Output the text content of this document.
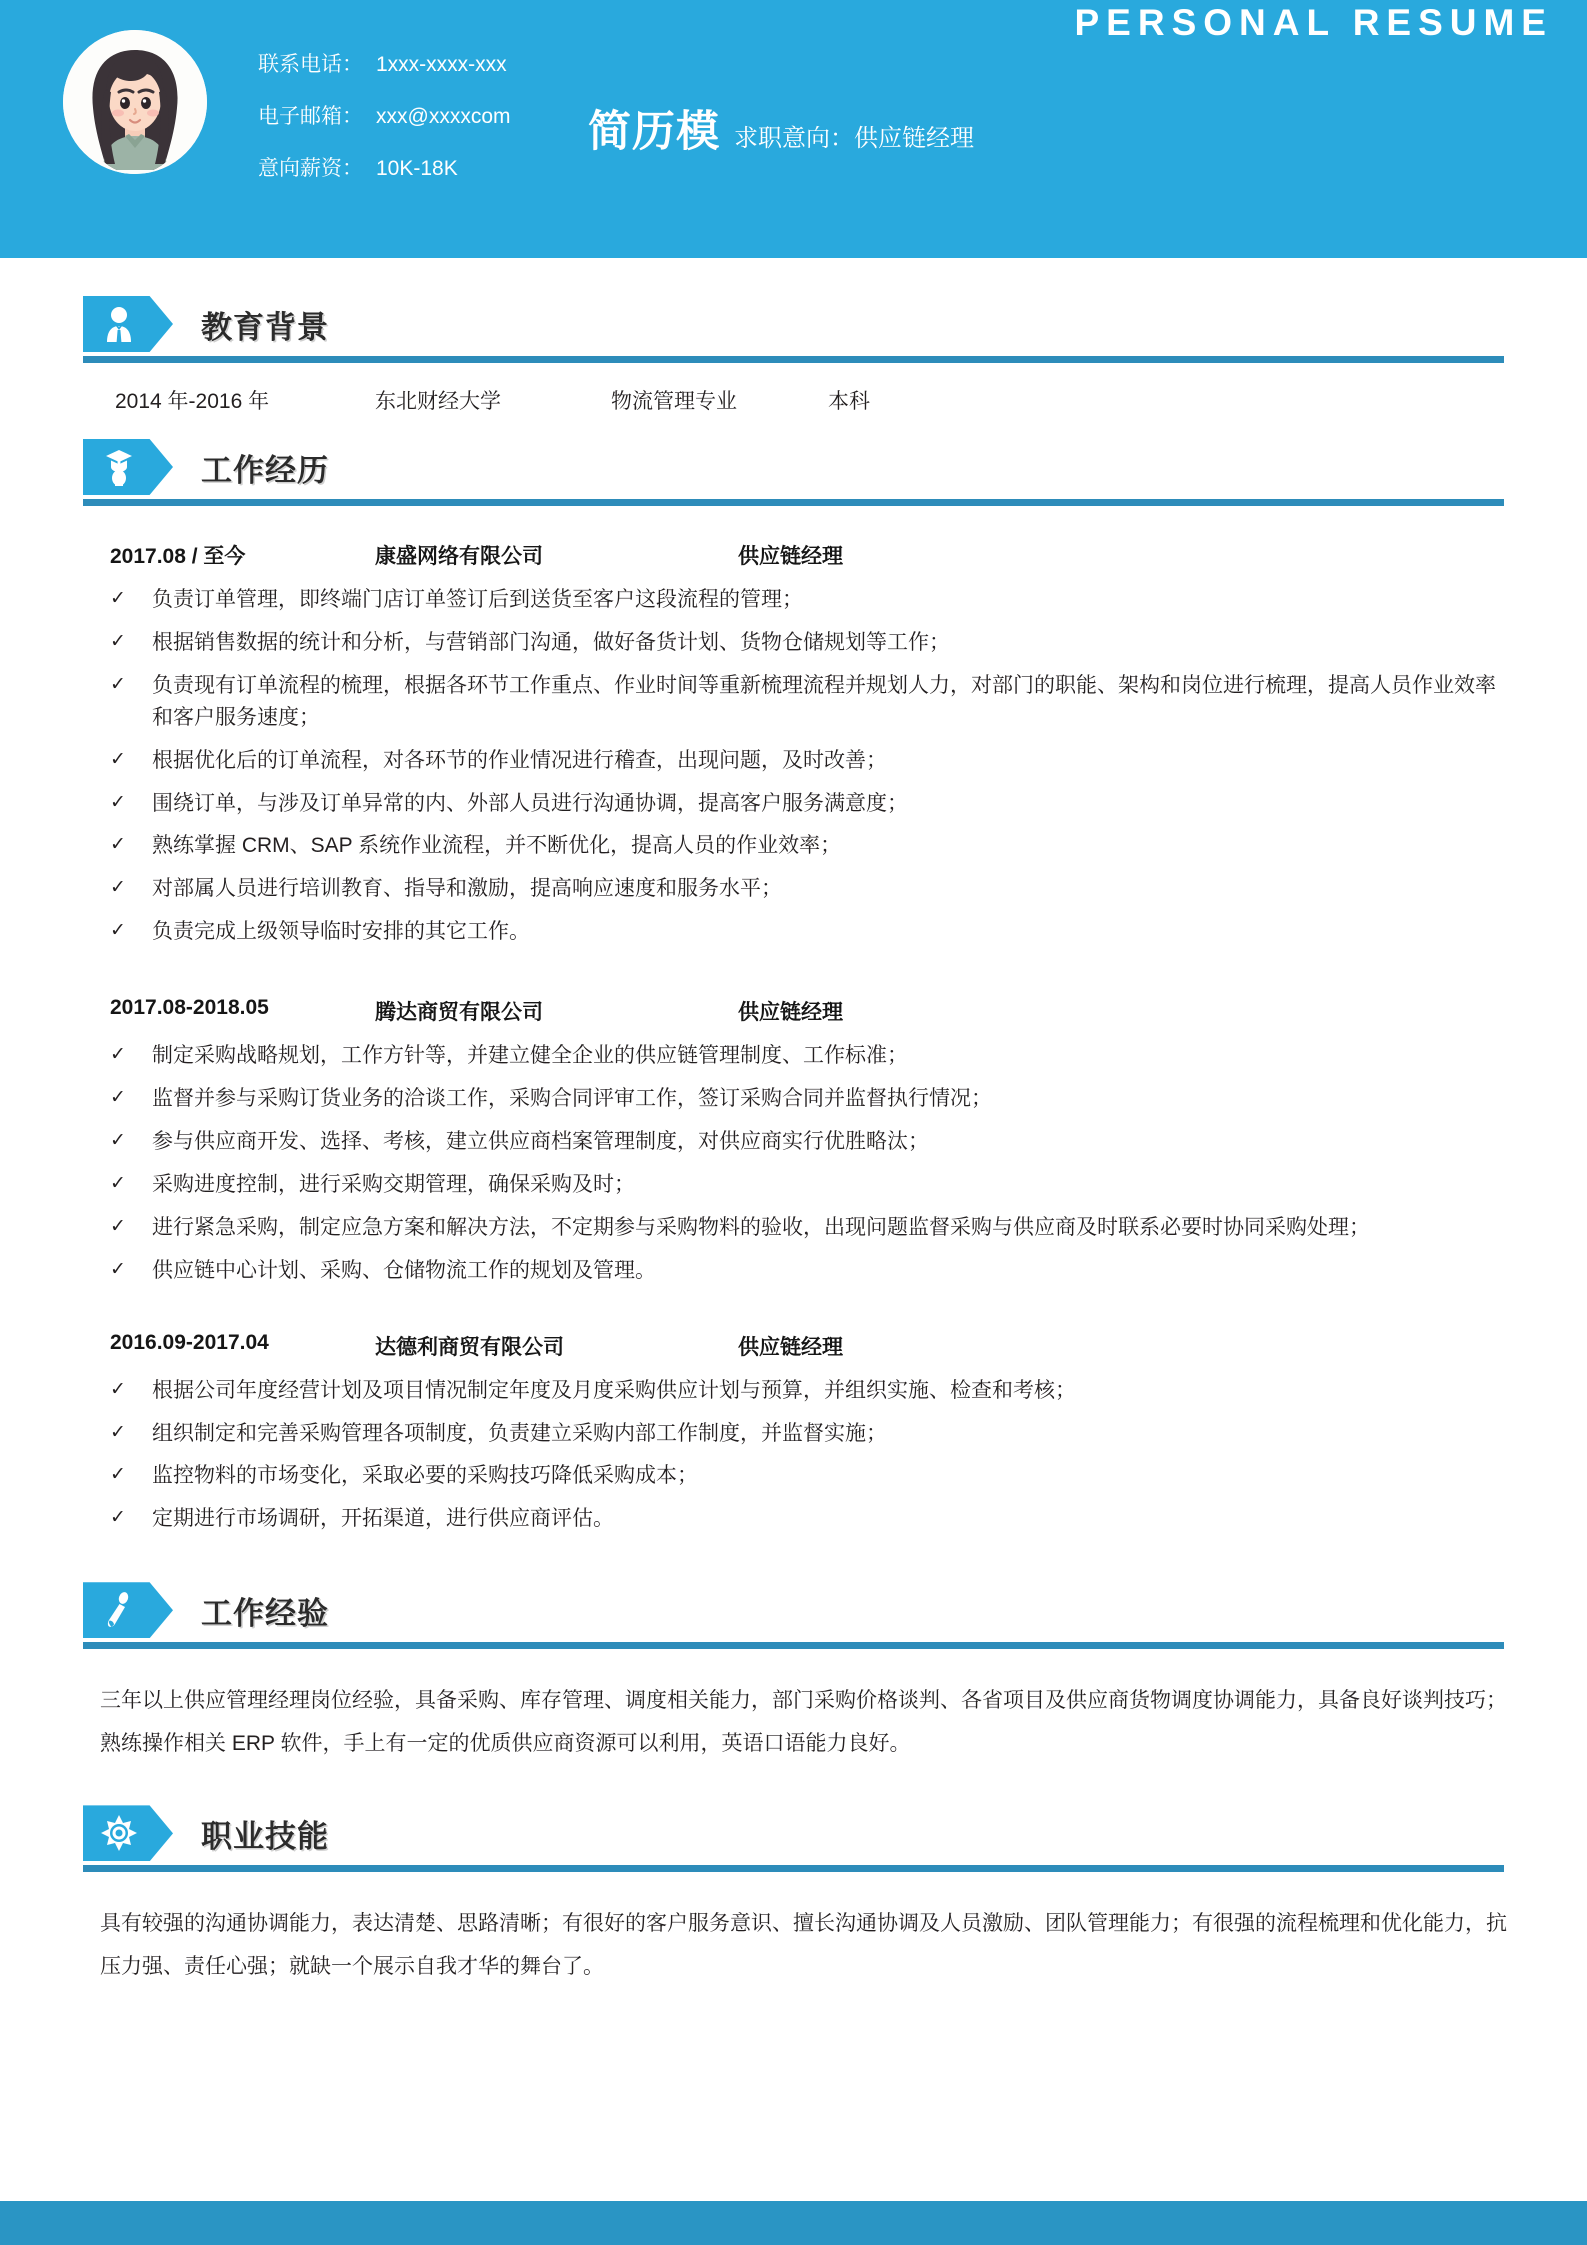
PERSONAL RESUME
联系电话： 1xxx-xxxx-xxx
电子邮箱： xxx@xxxxcom
意向薪资： 10K-18K
简历模 求职意向：供应链经理
教育背景
2014 年-2016 年	东北财经大学	物流管理专业	本科
工作经历
2017.08 / 至今	康盛网络有限公司	供应链经理
✓	负责订单管理，即终端门店订单签订后到送货至客户这段流程的管理；
✓	根据销售数据的统计和分析，与营销部门沟通，做好备货计划、货物仓储规划等工作；
✓	负责现有订单流程的梳理，根据各环节工作重点、作业时间等重新梳理流程并规划人力，对部门的职能、架构和岗位进行梳理，提高人员作业效率和客户服务速度；
✓	根据优化后的订单流程，对各环节的作业情况进行稽查，出现问题，及时改善；
✓	围绕订单，与涉及订单异常的内、外部人员进行沟通协调，提高客户服务满意度；
✓	熟练掌握 CRM、SAP 系统作业流程，并不断优化，提高人员的作业效率；
✓	对部属人员进行培训教育、指导和激励，提高响应速度和服务水平；
✓	负责完成上级领导临时安排的其它工作。
2017.08-2018.05	腾达商贸有限公司	供应链经理
✓	制定采购战略规划，工作方针等，并建立健全企业的供应链管理制度、工作标准；
✓	监督并参与采购订货业务的洽谈工作，采购合同评审工作，签订采购合同并监督执行情况；
✓	参与供应商开发、选择、考核，建立供应商档案管理制度，对供应商实行优胜略汰；
✓	采购进度控制，进行采购交期管理，确保采购及时；
✓	进行紧急采购，制定应急方案和解决方法，不定期参与采购物料的验收，出现问题监督采购与供应商及时联系必要时协同采购处理；
✓	供应链中心计划、采购、仓储物流工作的规划及管理。
2016.09-2017.04	达德利商贸有限公司	供应链经理
✓	根据公司年度经营计划及项目情况制定年度及月度采购供应计划与预算，并组织实施、检查和考核；
✓	组织制定和完善采购管理各项制度，负责建立采购内部工作制度，并监督实施；
✓	监控物料的市场变化，采取必要的采购技巧降低采购成本；
✓	定期进行市场调研，开拓渠道，进行供应商评估。
工作经验
三年以上供应管理经理岗位经验，具备采购、库存管理、调度相关能力，部门采购价格谈判、各省项目及供应商货物调度协调能力，具备良好谈判技巧；熟练操作相关 ERP 软件，手上有一定的优质供应商资源可以利用，英语口语能力良好。
职业技能
具有较强的沟通协调能力，表达清楚、思路清晰；有很好的客户服务意识、擅长沟通协调及人员激励、团队管理能力；有很强的流程梳理和优化能力，抗压力强、责任心强；就缺一个展示自我才华的舞台了。
